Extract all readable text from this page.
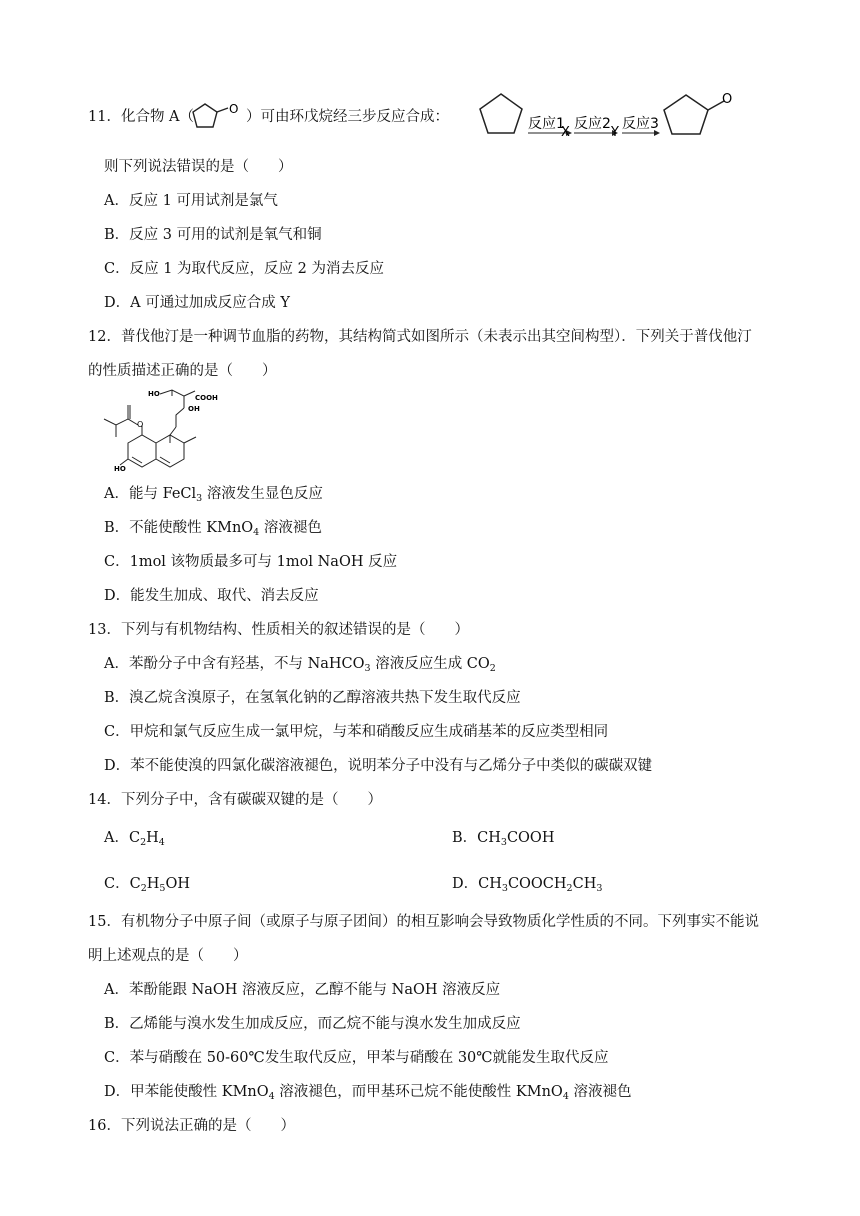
11．化合物 A（	）可由环戊烷经三步反应合成：
O
反应1
X
反应2
Y
反应3
O
则下列说法错误的是（　　）
A．反应 1 可用试剂是氯气
B．反应 3 可用的试剂是氧气和铜
C．反应 1 为取代反应，反应 2 为消去反应
D．A 可通过加成反应合成 Y
12．普伐他汀是一种调节血脂的药物，其结构简式如图所示（未表示出其空间构型）．下列关于普伐他汀
的性质描述正确的是（　　）
HO	COOH
OH
O
HO
A．能与 FeCl$_3$ 溶液发生显色反应
B．不能使酸性 KMnO$_4$ 溶液褪色
C．1mol 该物质最多可与 1mol NaOH 反应
D．能发生加成、取代、消去反应
13．下列与有机物结构、性质相关的叙述错误的是（　　）
A．苯酚分子中含有羟基，不与 NaHCO$_3$ 溶液反应生成 $CO_2$
B．溴乙烷含溴原子，在氢氧化钠的乙醇溶液共热下发生取代反应
C．甲烷和氯气反应生成一氯甲烷，与苯和硝酸反应生成硝基苯的反应类型相同
D．苯不能使溴的四氯化碳溶液褪色，说明苯分子中没有与乙烯分子中类似的碳碳双键
14．下列分子中，含有碳碳双键的是（　　）
A．$C_2H_4$	B．$CH_3COOH$
C．$C_2H_5OH$	D．$CH_3COOCH_2CH_3$
15．有机物分子中原子间（或原子与原子团间）的相互影响会导致物质化学性质的不同。下列事实不能说
明上述观点的是（　　）
A．苯酚能跟 NaOH 溶液反应，乙醇不能与 NaOH 溶液反应
B．乙烯能与溴水发生加成反应，而乙烷不能与溴水发生加成反应
C．苯与硝酸在 50-60℃发生取代反应，甲苯与硝酸在 30℃就能发生取代反应
D．甲苯能使酸性 KMnO$_4$ 溶液褪色，而甲基环己烷不能使酸性 KMnO$_4$ 溶液褪色
16．下列说法正确的是（　　）
